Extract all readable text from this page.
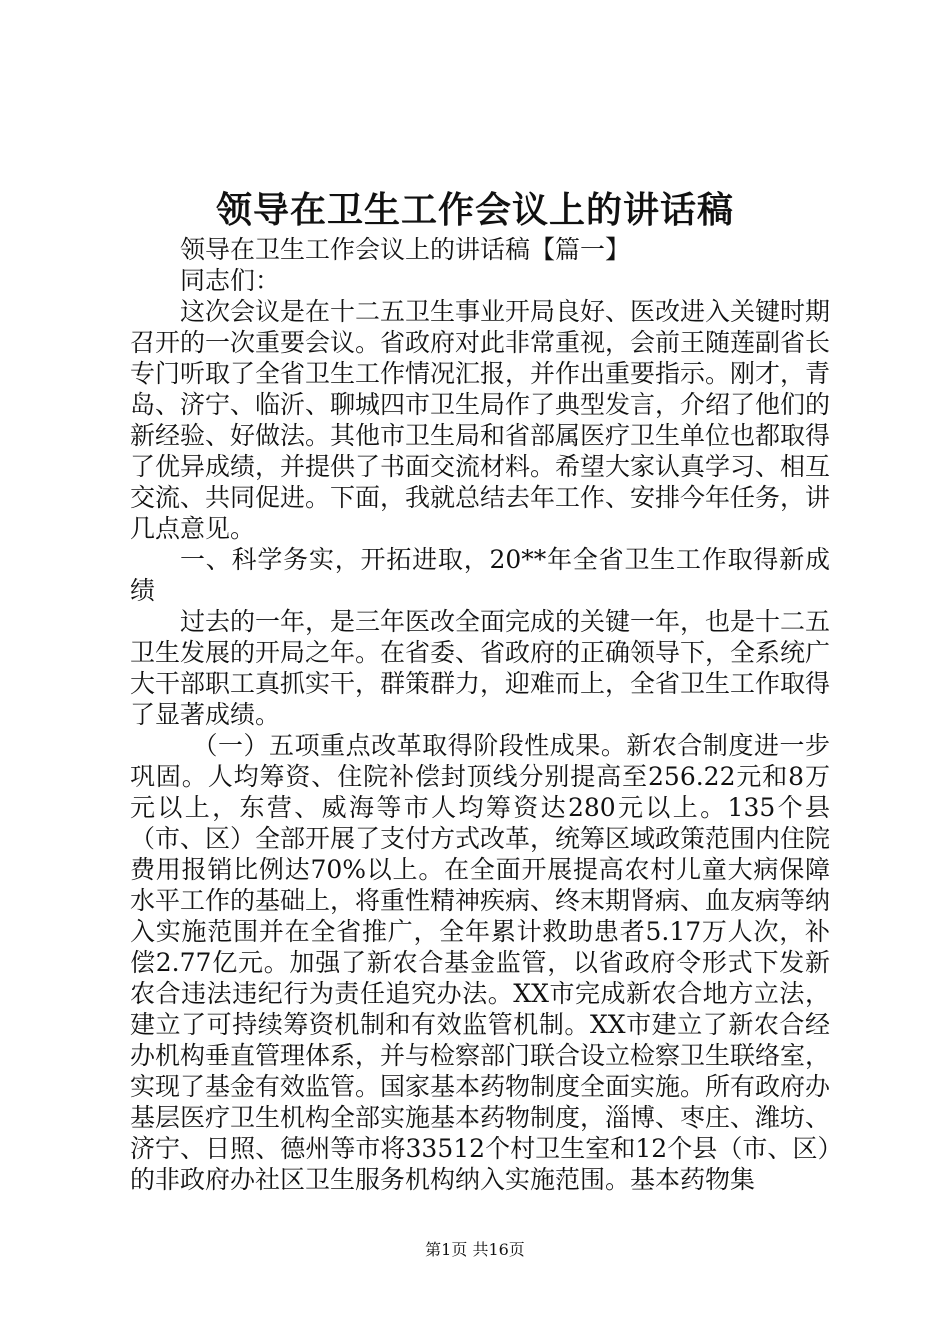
领导在卫生工作会议上的讲话稿

领导在卫生工作会议上的讲话稿【篇一】

同志们：

这次会议是在十二五卫生事业开局良好、医改进入关键时期召开的一次重要会议。省政府对此非常重视，会前王随莲副省长专门听取了全省卫生工作情况汇报，并作出重要指示。刚才，青岛、济宁、临沂、聊城四市卫生局作了典型发言，介绍了他们的新经验、好做法。其他市卫生局和省部属医疗卫生单位也都取得了优异成绩，并提供了书面交流材料。希望大家认真学习、相互交流、共同促进。下面，我就总结去年工作、安排今年任务，讲几点意见。

一、科学务实，开拓进取，20**年全省卫生工作取得新成绩

过去的一年，是三年医改全面完成的关键一年，也是十二五卫生发展的开局之年。在省委、省政府的正确领导下，全系统广大干部职工真抓实干，群策群力，迎难而上，全省卫生工作取得了显著成绩。

（一）五项重点改革取得阶段性成果。新农合制度进一步巩固。人均筹资、住院补偿封顶线分别提高至256.22元和8万元以上，东营、威海等市人均筹资达280元以上。135个县（市、区）全部开展了支付方式改革，统筹区域政策范围内住院费用报销比例达70%以上。在全面开展提高农村儿童大病保障水平工作的基础上，将重性精神疾病、终末期肾病、血友病等纳入实施范围并在全省推广，全年累计救助患者5.17万人次，补偿2.77亿元。加强了新农合基金监管，以省政府令形式下发新农合违法违纪行为责任追究办法。XX市完成新农合地方立法，建立了可持续筹资机制和有效监管机制。XX市建立了新农合经办机构垂直管理体系，并与检察部门联合设立检察卫生联络室，实现了基金有效监管。国家基本药物制度全面实施。所有政府办基层医疗卫生机构全部实施基本药物制度，淄博、枣庄、潍坊、济宁、日照、德州等市将33512个村卫生室和12个县（市、区）的非政府办社区卫生服务机构纳入实施范围。基本药物集

第1页 共16页
